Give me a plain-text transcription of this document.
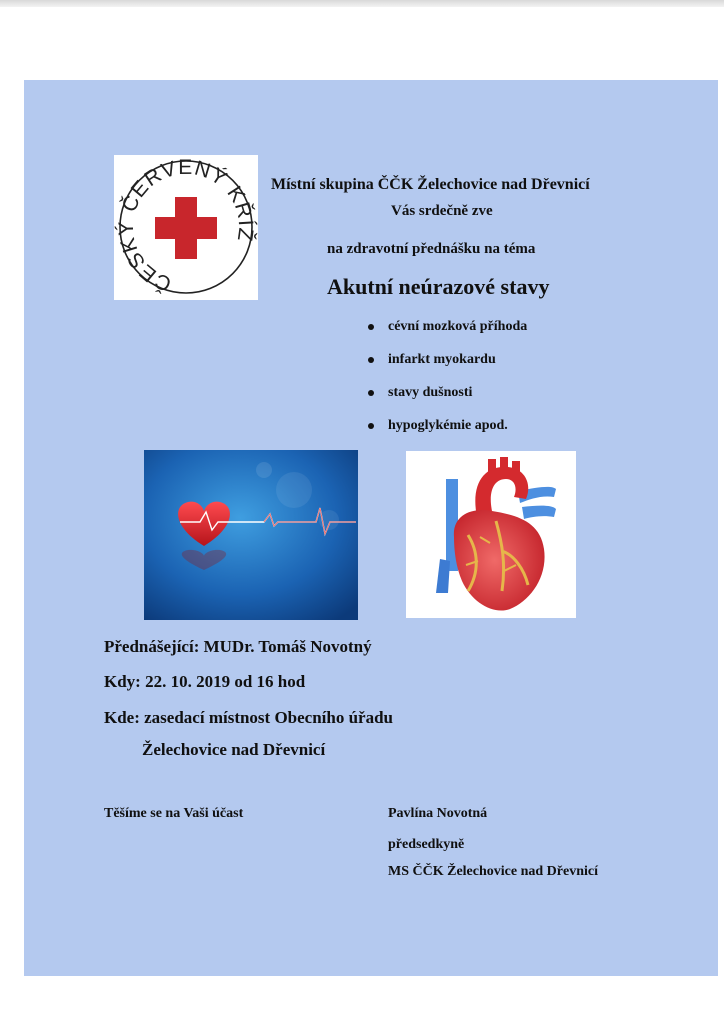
ČESKÝ ČERVENÝ KŘÍŽ

Místní skupina ČČK Želechovice nad Dřevnicí

Vás srdečně zve

na zdravotní přednášku na téma

Akutní neúrazové stavy

cévní mozková příhoda
infarkt myokardu
stavy dušnosti
hypoglykémie apod.

Přednášející: MUDr. Tomáš Novotný

Kdy: 22. 10. 2019 od 16 hod

Kde: zasedací místnost Obecního úřadu

Želechovice nad Dřevnicí

Těšíme se na Vaši účast	Pavlína Novotná

předsedkyně

MS ČČK Želechovice nad Dřevnicí
